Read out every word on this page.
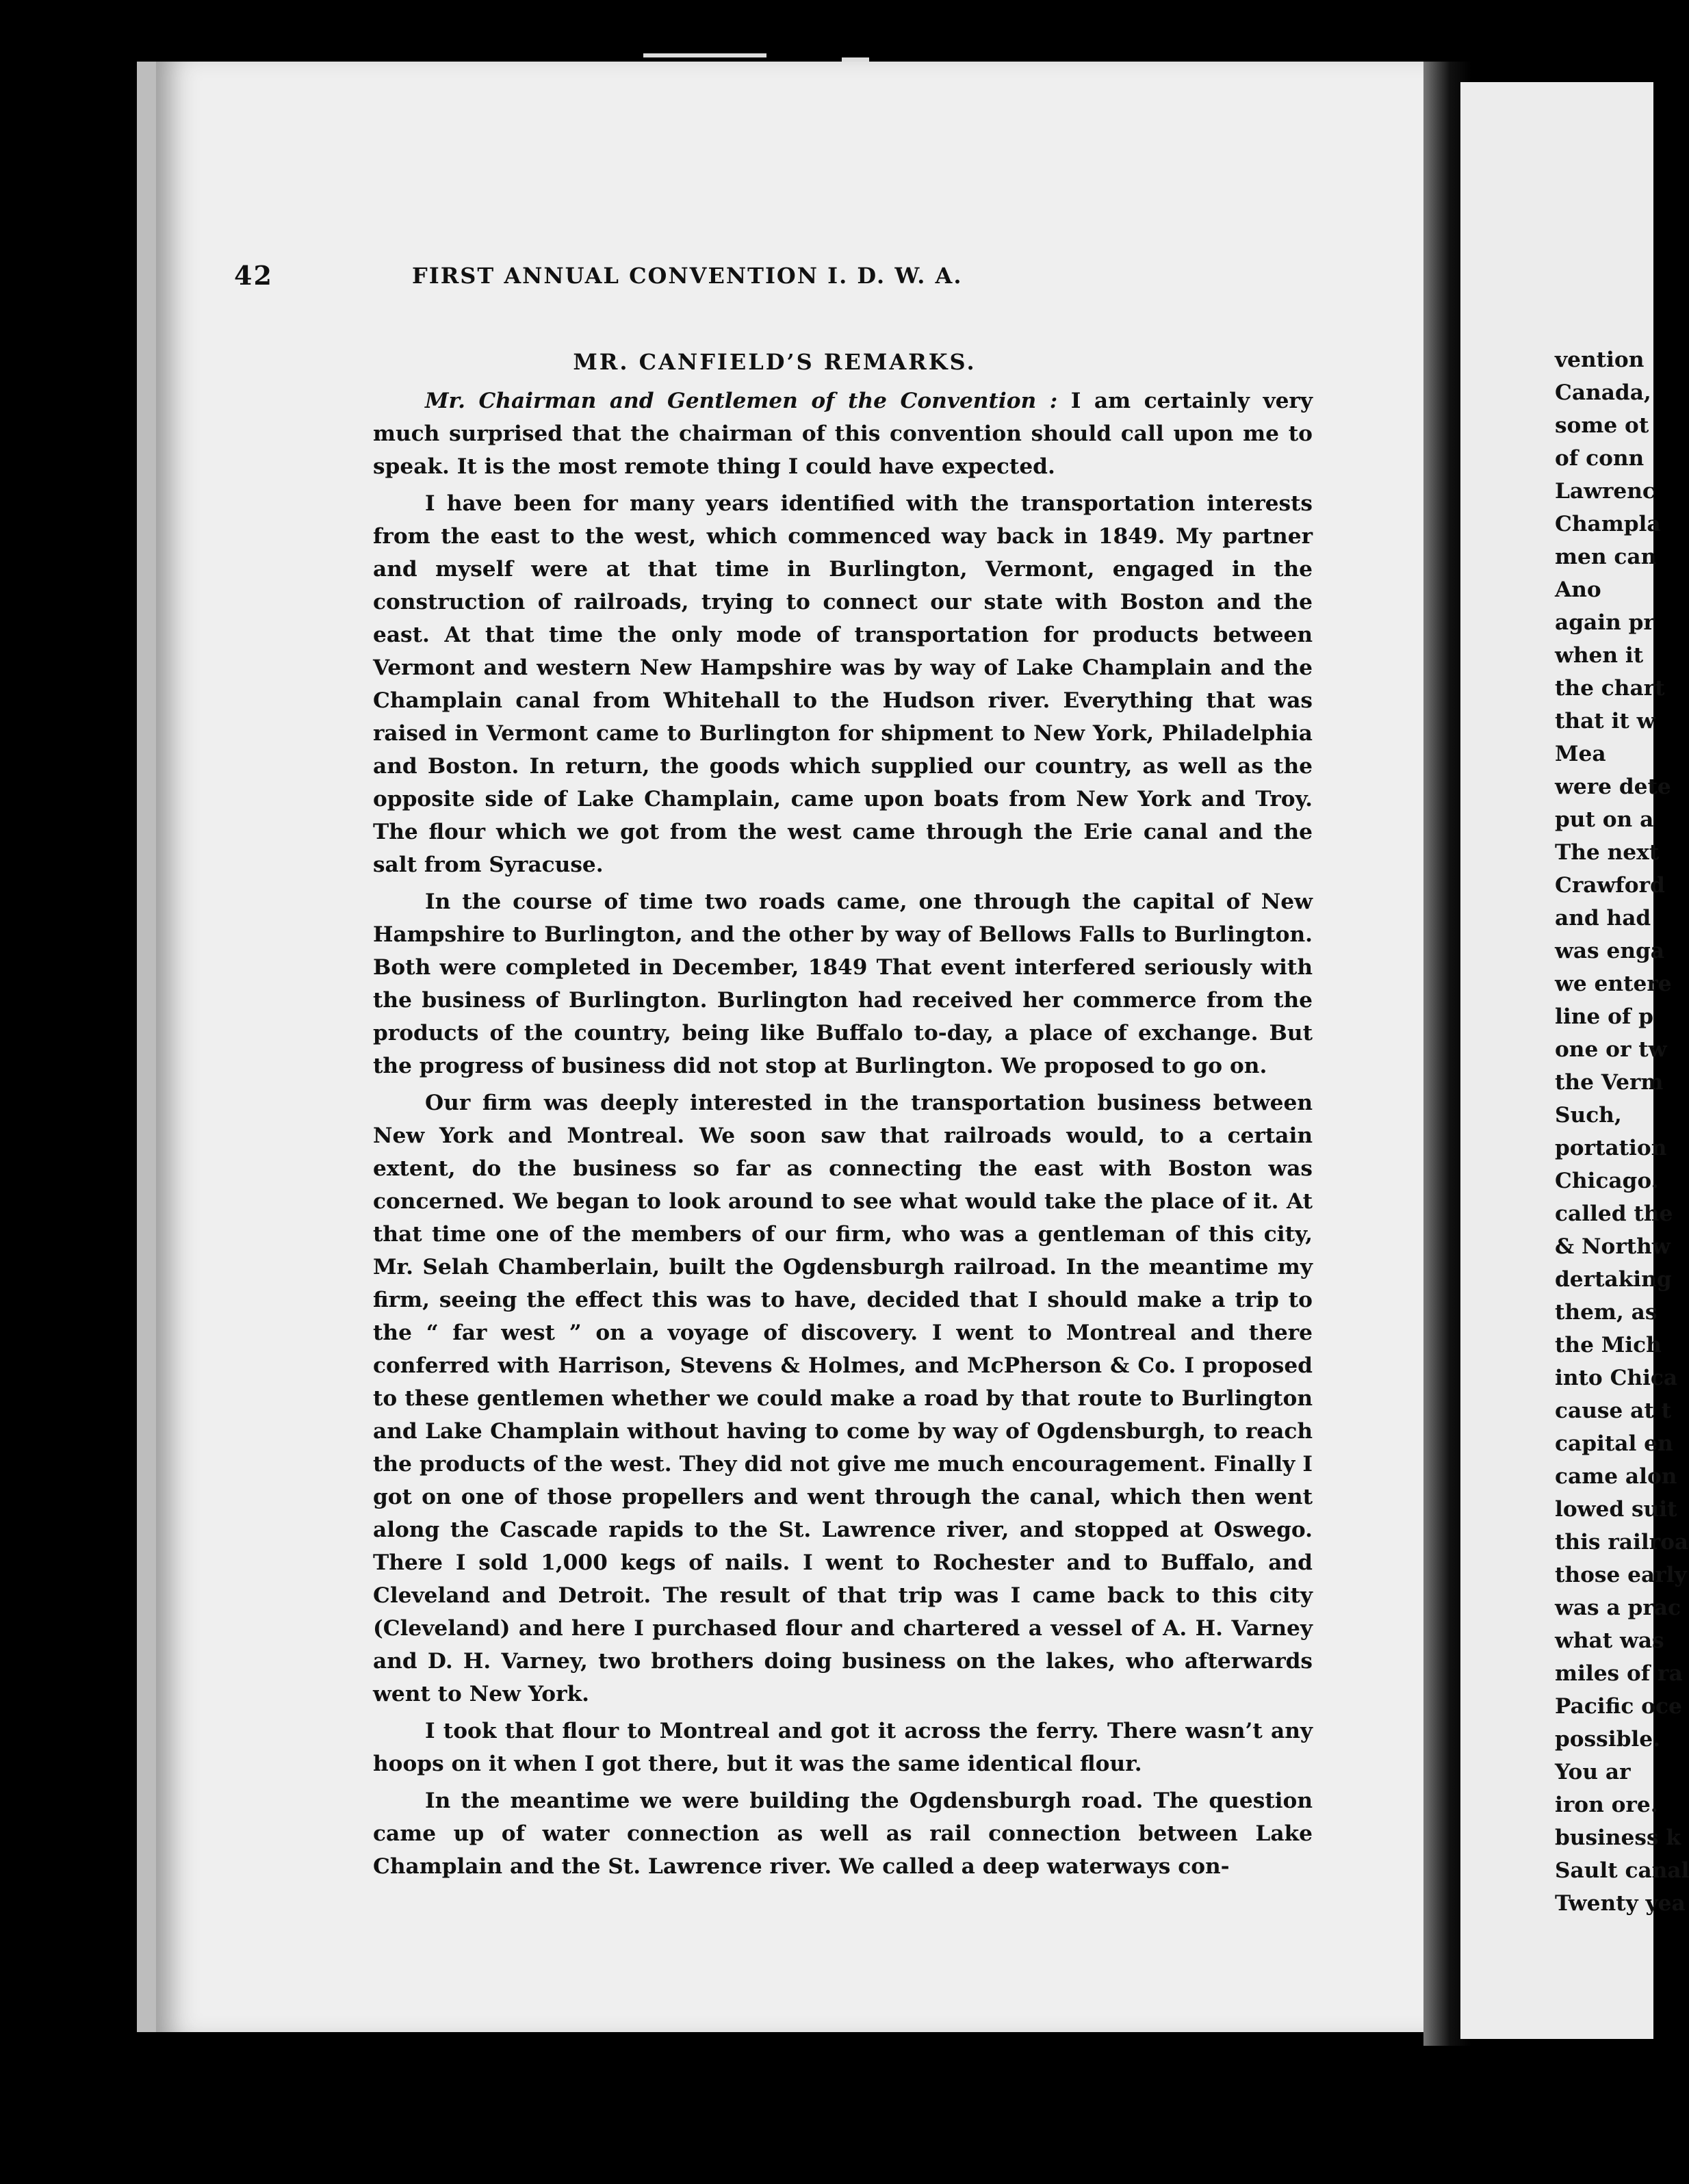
42	FIRST ANNUAL CONVENTION I. D. W. A.
MR. CANFIELD’S REMARKS.

Mr. Chairman and Gentlemen of the Convention : I am certainly very much surprised that the chairman of this convention should call upon me to speak. It is the most remote thing I could have expected.

I have been for many years identified with the transportation interests from the east to the west, which commenced way back in 1849. My partner and myself were at that time in Burlington, Vermont, engaged in the construction of railroads, trying to connect our state with Boston and the east. At that time the only mode of transportation for products between Vermont and western New Hampshire was by way of Lake Champlain and the Champlain canal from Whitehall to the Hudson river. Everything that was raised in Vermont came to Burlington for shipment to New York, Philadelphia and Boston. In return, the goods which supplied our country, as well as the opposite side of Lake Champlain, came upon boats from New York and Troy. The flour which we got from the west came through the Erie canal and the salt from Syracuse.

In the course of time two roads came, one through the capital of New Hampshire to Burlington, and the other by way of Bellows Falls to Burlington. Both were completed in December, 1849 That event interfered seriously with the business of Burlington. Burlington had received her commerce from the products of the country, being like Buffalo to-day, a place of exchange. But the progress of business did not stop at Burlington. We proposed to go on.

Our firm was deeply interested in the transportation business between New York and Montreal. We soon saw that railroads would, to a certain extent, do the business so far as connecting the east with Boston was concerned. We began to look around to see what would take the place of it. At that time one of the members of our firm, who was a gentleman of this city, Mr. Selah Chamberlain, built the Ogdensburgh railroad. In the meantime my firm, seeing the effect this was to have, decided that I should make a trip to the “ far west ” on a voyage of discovery. I went to Montreal and there conferred with Harrison, Stevens & Holmes, and McPherson & Co. I proposed to these gentlemen whether we could make a road by that route to Burlington and Lake Champlain without having to come by way of Ogdensburgh, to reach the products of the west. They did not give me much encouragement. Finally I got on one of those propellers and went through the canal, which then went along the Cascade rapids to the St. Lawrence river, and stopped at Oswego. There I sold 1,000 kegs of nails. I went to Rochester and to Buffalo, and Cleveland and Detroit. The result of that trip was I came back to this city (Cleveland) and here I purchased flour and chartered a vessel of A. H. Varney and D. H. Varney, two brothers doing business on the lakes, who afterwards went to New York.

I took that flour to Montreal and got it across the ferry. There wasn’t any hoops on it when I got there, but it was the same identical flour.

In the meantime we were building the Ogdensburgh road. The question came up of water connection as well as rail connection between Lake Champlain and the St. Lawrence river. We called a deep waterways con-

vention
Canada,
some ot
of conn
Lawrenc
Champla
men can
Ano
again pr
when it
the chart
that it w
Mea
were dete
put on a
The next
Crawford
and had
was enga
we entere
line of p
one or tw
the Verm
Such,
portation
Chicago.
called the
& Northw
dertaking
them, as
the Mich
into Chica
cause at t
capital en
came alon
lowed suit
this railroa
those early
was a prac
what was
miles of ra
Pacific oce
possible.
You ar
iron ore.
business k
Sault canal
Twenty yea
